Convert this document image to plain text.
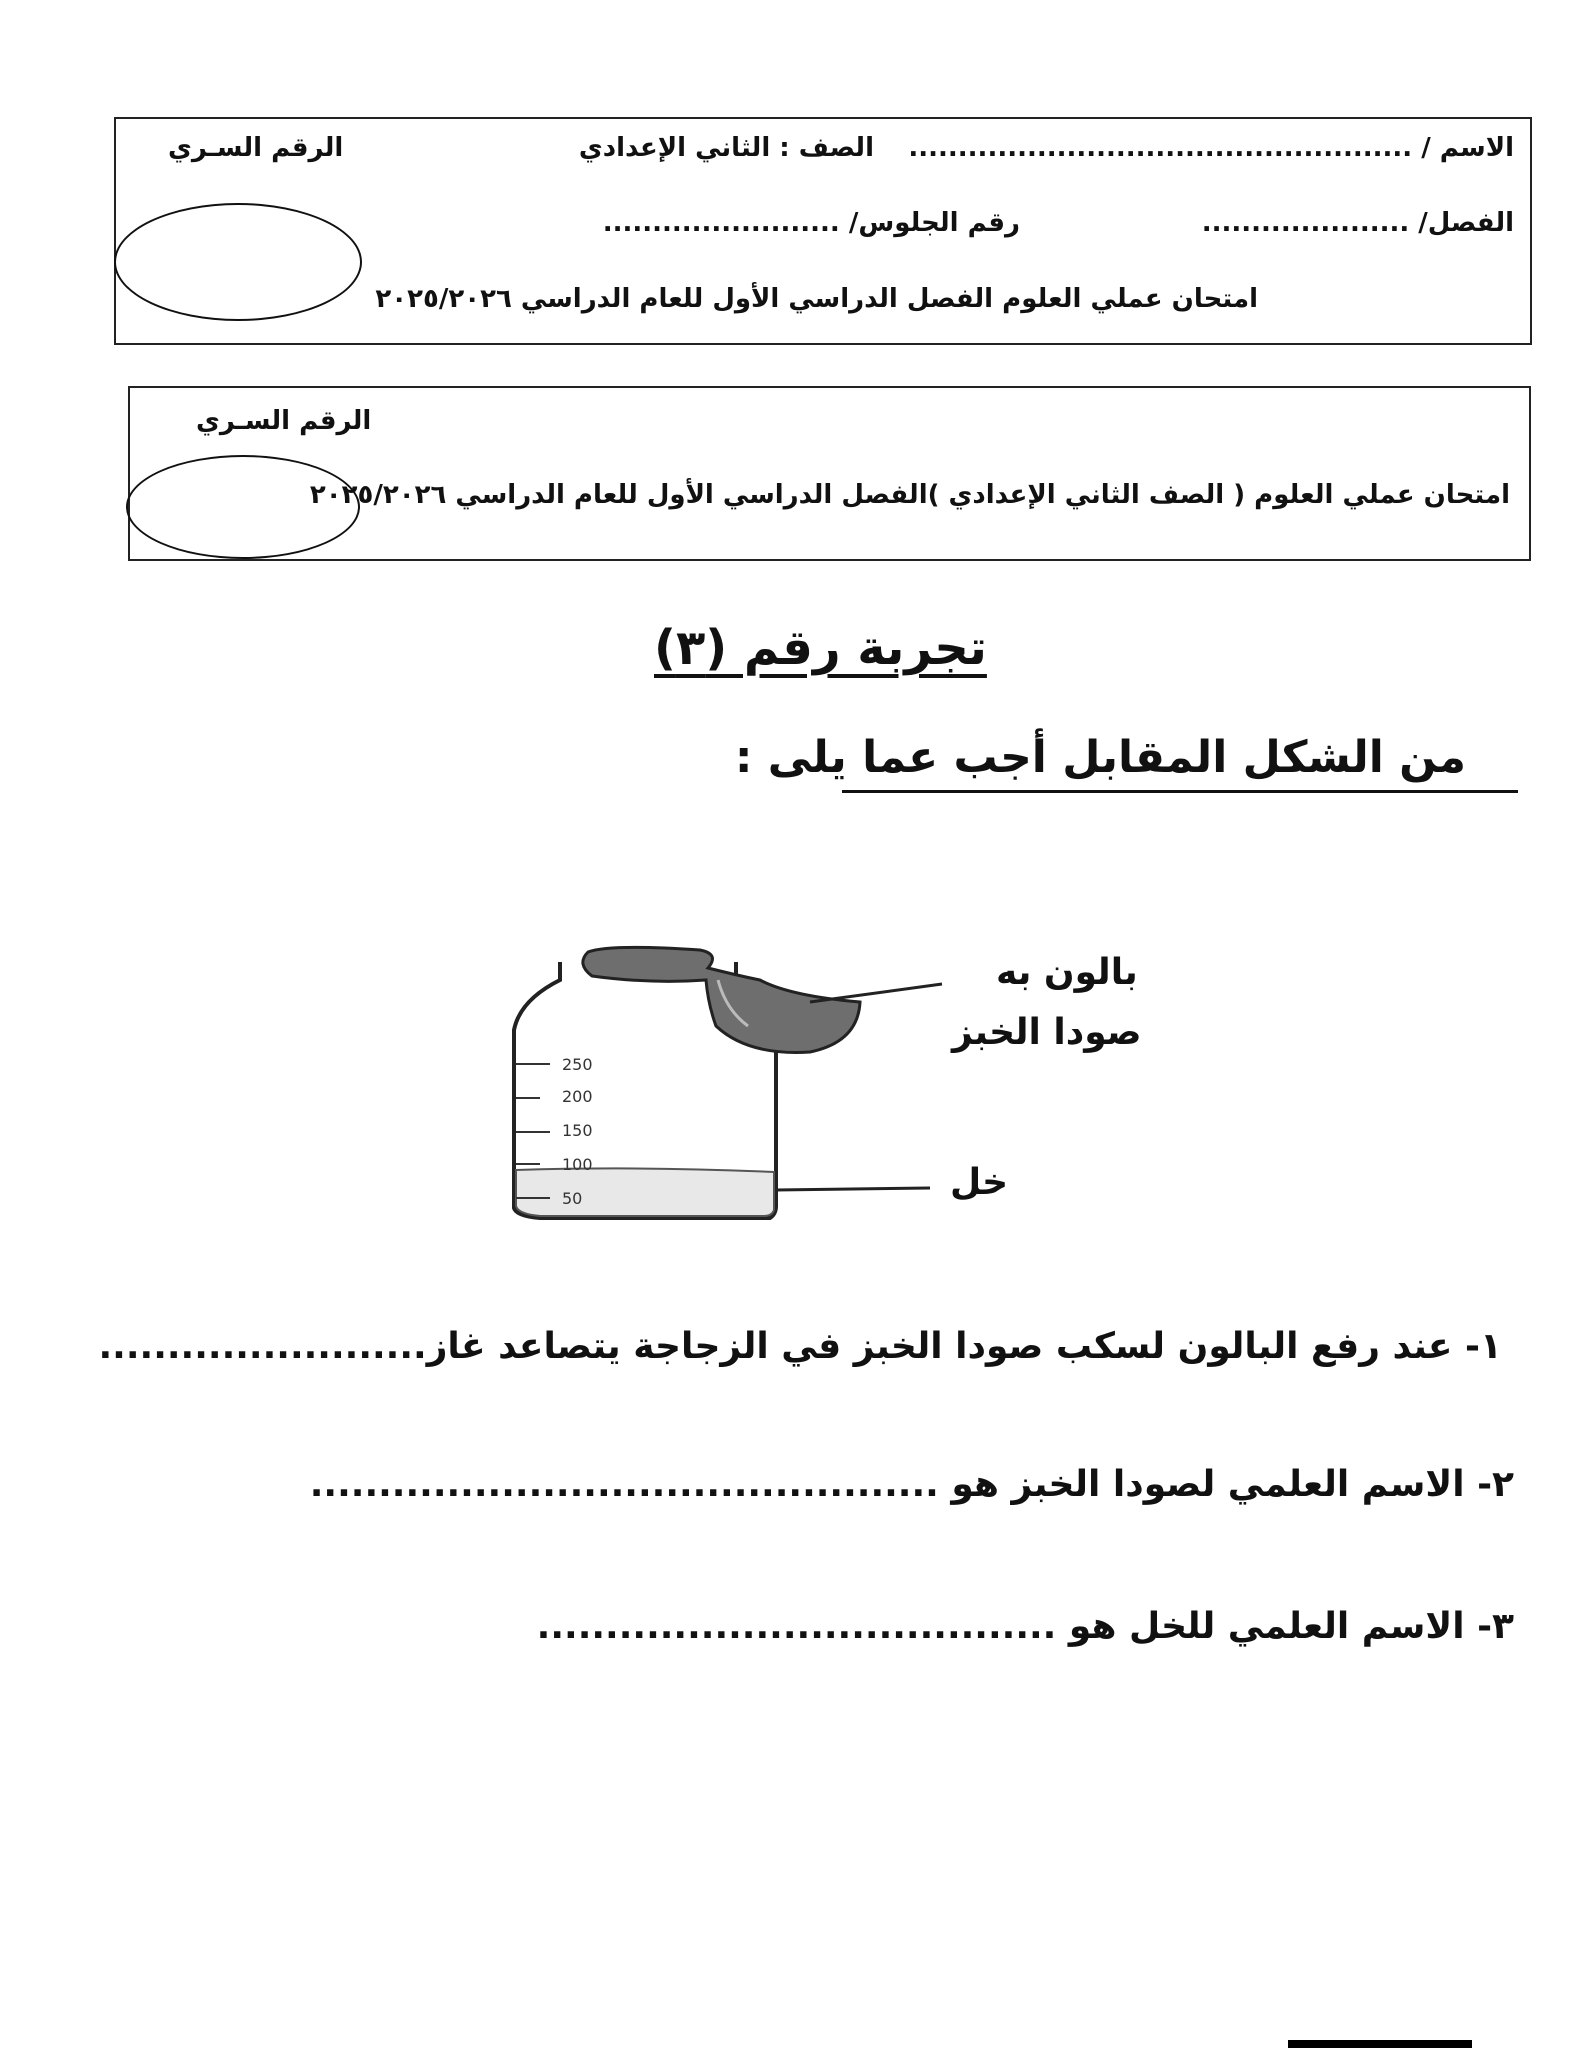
الاسم / ...................................................
الصف : الثاني الإعدادي
الرقم السـري
الفصل/ .....................
رقم الجلوس/ ........................
امتحان عملي العلوم الفصل الدراسي الأول للعام الدراسي ٢٠٢٥/٢٠٢٦
الرقم السـري
امتحان عملي العلوم ( الصف الثاني الإعدادي )الفصل الدراسي الأول للعام الدراسي ٢٠٢٥/٢٠٢٦
تجربة رقم (٣)
من الشكل المقابل أجب عما يلى :
250
200
150
100
50
بالون به
صودا الخبز
خل
١- عند رفع البالون لسكب صودا الخبز في الزجاجة يتصاعد غاز........................
٢- الاسم العلمي لصودا الخبز هو ..............................................
٣- الاسم العلمي للخل هو ......................................
